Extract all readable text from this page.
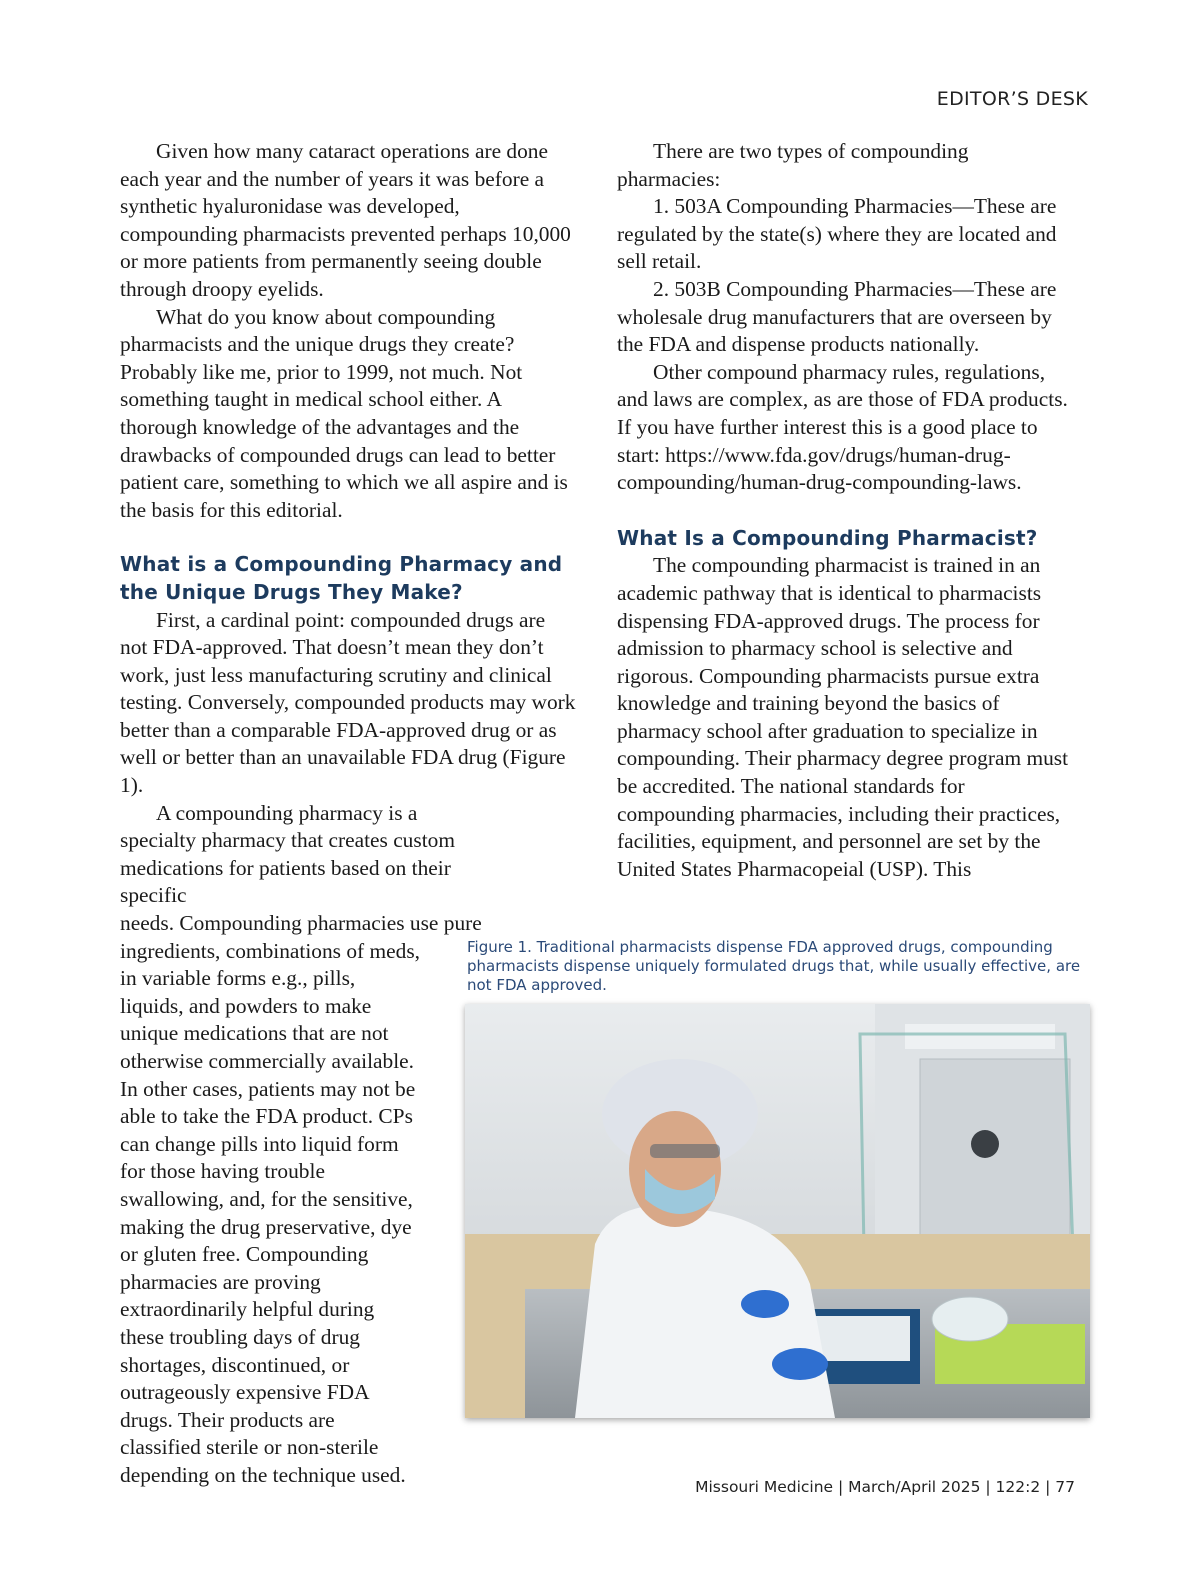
EDITOR’S DESK

Given how many cataract operations are done each year and the number of years it was before a synthetic hyaluronidase was developed, compounding pharmacists prevented perhaps 10,000 or more patients from permanently seeing double through droopy eyelids.

What do you know about compounding pharmacists and the unique drugs they create? Probably like me, prior to 1999, not much. Not something taught in medical school either. A thorough knowledge of the advantages and the drawbacks of compounded drugs can lead to better patient care, something to which we all aspire and is the basis for this editorial.

What is a Compounding Pharmacy and the Unique Drugs They Make?

First, a cardinal point: compounded drugs are not FDA-approved. That doesn’t mean they don’t work, just less manufacturing scrutiny and clinical testing. Conversely, compounded products may work better than a comparable FDA-approved drug or as well or better than an unavailable FDA drug (Figure 1).

A compounding pharmacy is a specialty pharmacy that creates custom medications for patients based on their specific

needs. Compounding pharmacies use pure

ingredients, combinations of meds, in variable forms e.g., pills, liquids, and powders to make unique medications that are not otherwise commercially available. In other cases, patients may not be able to take the FDA product. CPs can change pills into liquid form for those having trouble swallowing, and, for the sensitive, making the drug preservative, dye or gluten free. Compounding pharmacies are proving extraordinarily helpful during these troubling days of drug shortages, discontinued, or outrageously expensive FDA drugs. Their products are classified sterile or non-sterile depending on the technique used.

There are two types of compounding pharmacies:

1. 503A Compounding Pharmacies—These are

regulated by the state(s) where they are located and sell retail.

2. 503B Compounding Pharmacies—These are

wholesale drug manufacturers that are overseen by the FDA and dispense products nationally.

Other compound pharmacy rules, regulations, and laws are complex, as are those of FDA products. If you have further interest this is a good place to start: https://www.fda.gov/drugs/human-drug-compounding/human-drug-compounding-laws.

What Is a Compounding Pharmacist?

The compounding pharmacist is trained in an academic pathway that is identical to pharmacists dispensing FDA-approved drugs. The process for admission to pharmacy school is selective and rigorous. Compounding pharmacists pursue extra knowledge and training beyond the basics of pharmacy school after graduation to specialize in compounding. Their pharmacy degree program must be accredited. The national standards for compounding pharmacies, including their practices, facilities, equipment, and personnel are set by the United States Pharmacopeial (USP). This

Figure 1. Traditional pharmacists dispense FDA approved drugs, compounding pharmacists dispense uniquely formulated drugs that, while usually effective, are not FDA approved.

Missouri Medicine | March/April 2025 | 122:2 | 77
